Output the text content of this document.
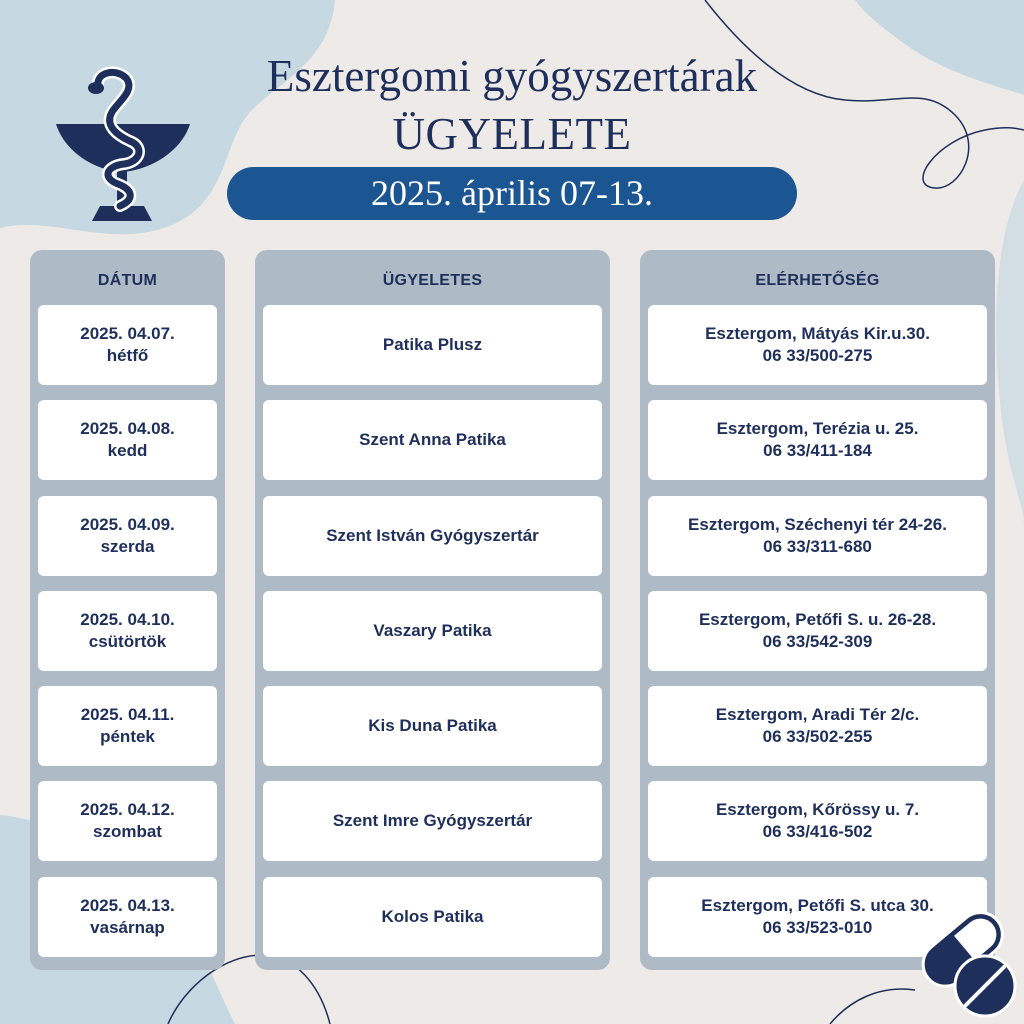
Esztergomi gyógyszertárak
ÜGYELETE
2025. április 07-13.
DÁTUM
2025. 04.07.
hétfő
2025. 04.08.
kedd
2025. 04.09.
szerda
2025. 04.10.
csütörtök
2025. 04.11.
péntek
2025. 04.12.
szombat
2025. 04.13.
vasárnap
ÜGYELETES
Patika Plusz
Szent Anna Patika
Szent István Gyógyszertár
Vaszary Patika
Kis Duna Patika
Szent Imre Gyógyszertár
Kolos Patika
ELÉRHETŐSÉG
Esztergom, Mátyás Kir.u.30.
06 33/500-275
Esztergom, Terézia u. 25.
06 33/411-184
Esztergom, Széchenyi tér 24-26.
06 33/311-680
Esztergom, Petőfi S. u. 26-28.
06 33/542-309
Esztergom, Aradi Tér 2/c.
06 33/502-255
Esztergom, Kőrössy u. 7.
06 33/416-502
Esztergom, Petőfi S. utca 30.
06 33/523-010
